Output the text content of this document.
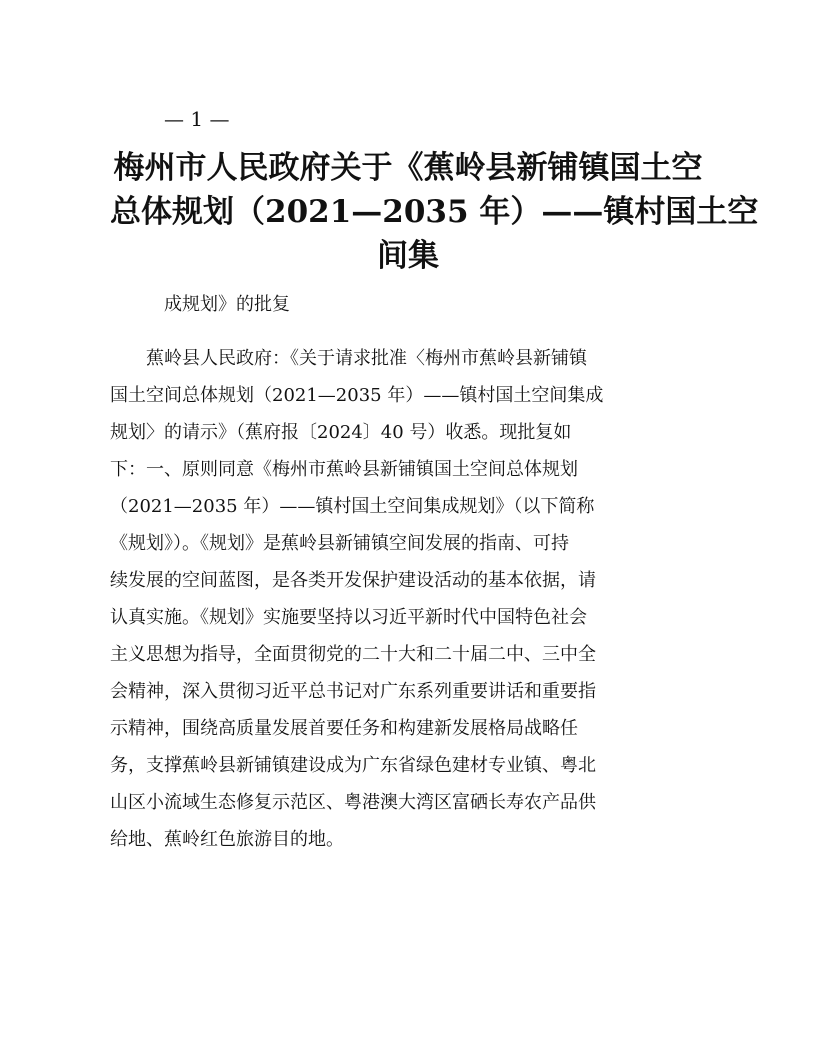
— 1 —
梅州市人民政府关于《蕉岭县新铺镇国土空
总体规划（2021—2035 年）——镇村国土空
间集
成规划》的批复
　　蕉岭县人民政府：《关于请求批准〈梅州市蕉岭县新铺镇
国土空间总体规划（2021—2035 年）——镇村国土空间集成
规划〉的请示》（蕉府报〔2024〕40 号）收悉。现批复如
下：一、原则同意《梅州市蕉岭县新铺镇国土空间总体规划
（2021—2035 年）——镇村国土空间集成规划》（以下简称
《规划》）。《规划》是蕉岭县新铺镇空间发展的指南、可持
续发展的空间蓝图，是各类开发保护建设活动的基本依据，请
认真实施。《规划》实施要坚持以习近平新时代中国特色社会
主义思想为指导，全面贯彻党的二十大和二十届二中、三中全
会精神，深入贯彻习近平总书记对广东系列重要讲话和重要指
示精神，围绕高质量发展首要任务和构建新发展格局战略任
务，支撑蕉岭县新铺镇建设成为广东省绿色建材专业镇、粤北
山区小流域生态修复示范区、粤港澳大湾区富硒长寿农产品供
给地、蕉岭红色旅游目的地。
